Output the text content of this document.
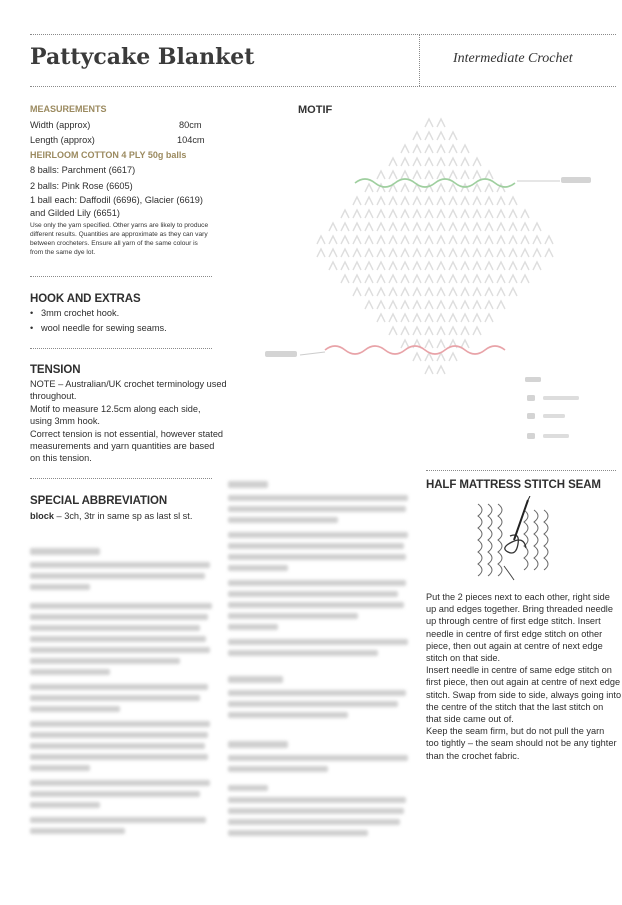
Pattycake Blanket	Intermediate Crochet
MEASUREMENTS
Width (approx)	80cm
Length (approx)	104cm
HEIRLOOM COTTON 4 PLY 50g balls
8 balls: Parchment (6617)
2 balls: Pink Rose (6605)
1 ball each: Daffodil (6696), Glacier (6619)
and Gilded Lily (6651)
Use only the yarn specified. Other yarns are likely to produce
different results. Quantities are approximate as they can vary
between crocheters. Ensure all yarn of the same colour is
from the same dye lot.
HOOK AND EXTRAS
• 3mm crochet hook.
• wool needle for sewing seams.
TENSION
NOTE – Australian/UK crochet terminology used
throughout.
Motif to measure 12.5cm along each side,
using 3mm hook.
Correct tension is not essential, however stated
measurements and yarn quantities are based
on this tension.
SPECIAL ABBREVIATION
block – 3ch, 3tr in same sp as last sl st.
MOTIF
HALF MATTRESS STITCH SEAM
Put the 2 pieces next to each other, right side
up and edges together. Bring threaded needle
up through centre of first edge stitch. Insert
needle in centre of first edge stitch on other
piece, then out again at centre of next edge
stitch on that side.
Insert needle in centre of same edge stitch on
first piece, then out again at centre of next edge
stitch. Swap from side to side, always going into
the centre of the stitch that the last stitch on
that side came out of.
Keep the seam firm, but do not pull the yarn
too tightly – the seam should not be any tighter
than the crochet fabric.
